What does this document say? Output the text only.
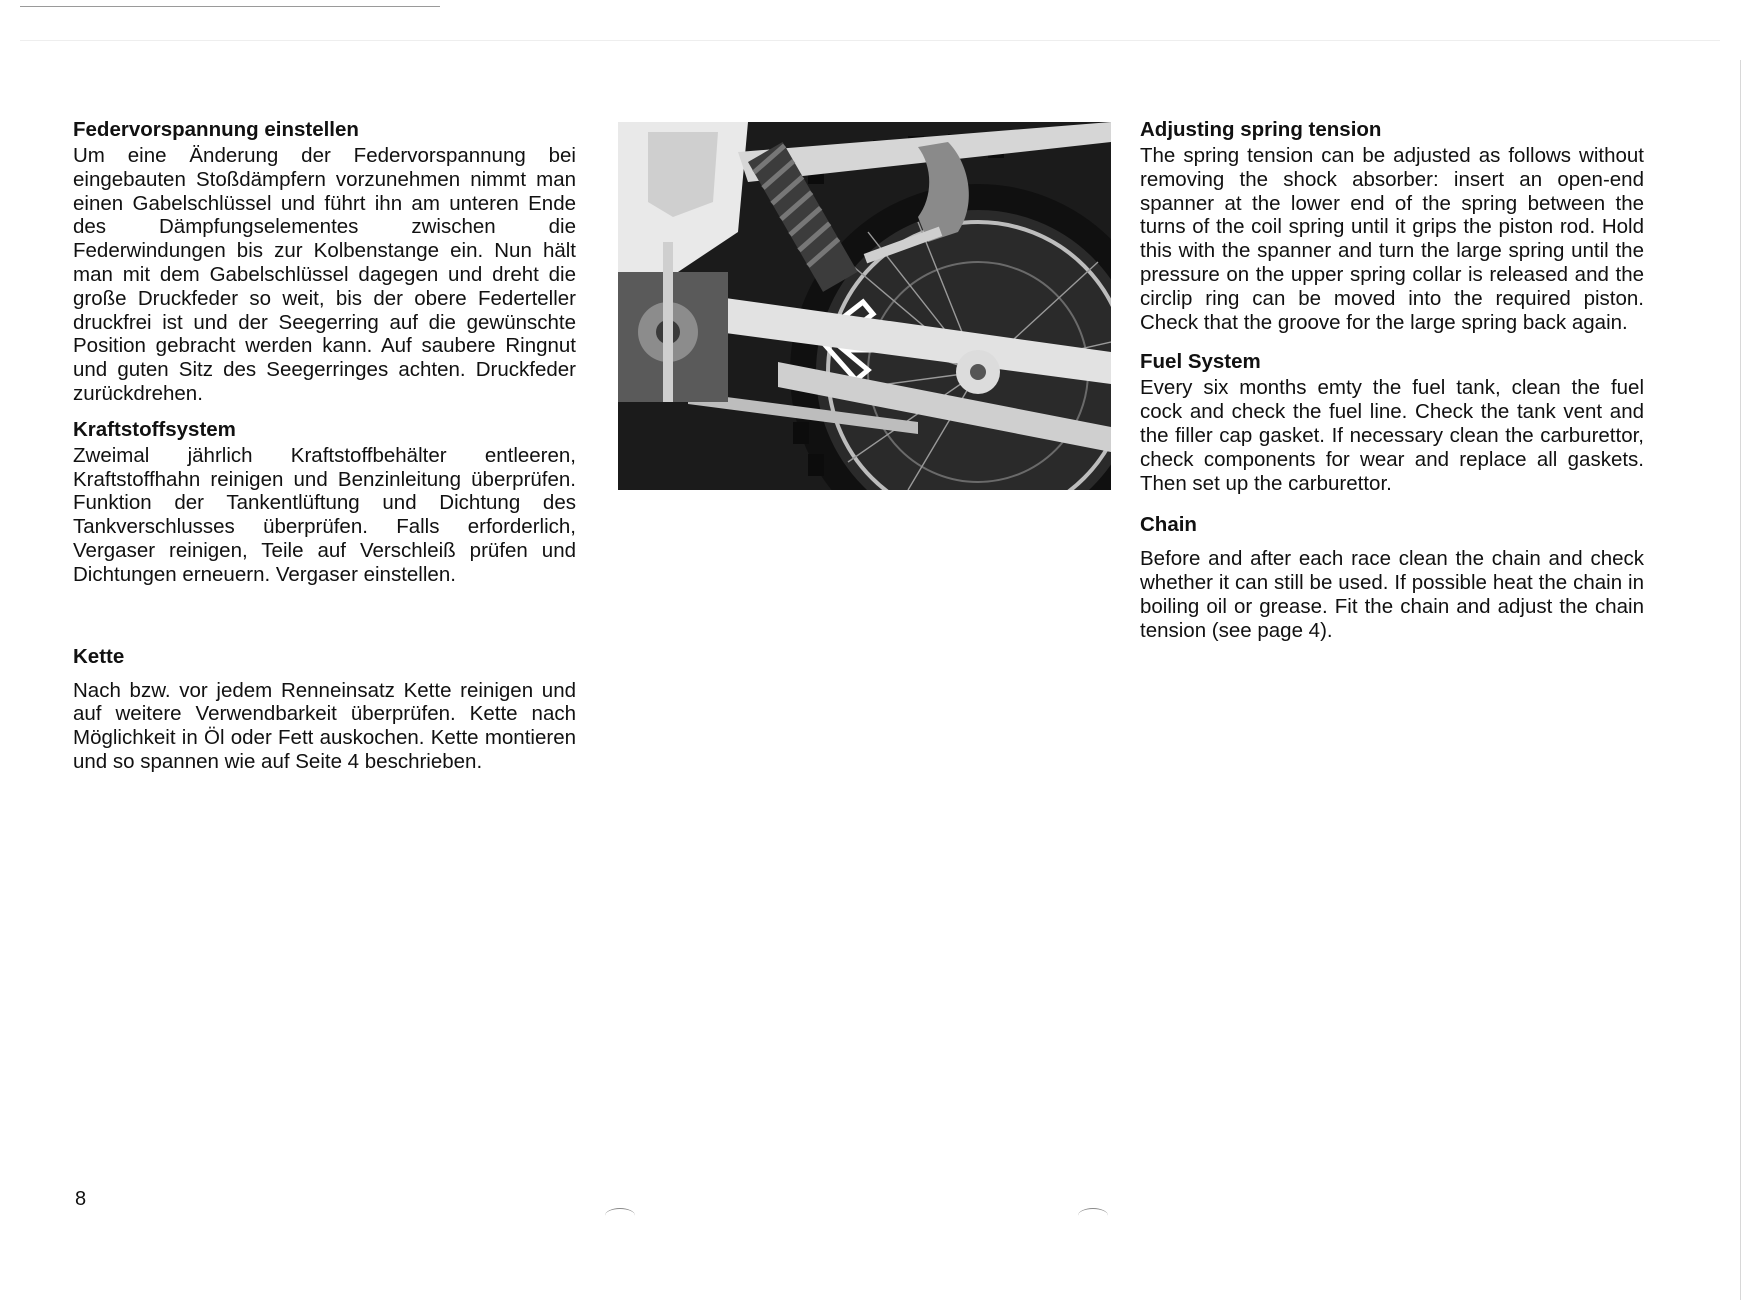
Federvorspannung einstellen

Um eine Änderung der Federvorspannung bei eingebauten Stoßdämpfern vorzunehmen nimmt man einen Gabelschlüssel und führt ihn am unteren Ende des Dämpfungselementes zwischen die Federwindungen bis zur Kolbenstange ein. Nun hält man mit dem Gabelschlüssel dagegen und dreht die große Druckfeder so weit, bis der obere Federteller druckfrei ist und der Seegerring auf die gewünschte Position gebracht werden kann. Auf saubere Ringnut und guten Sitz des Seegerringes achten. Druckfeder zurückdrehen.

Kraftstoffsystem

Zweimal jährlich Kraftstoffbehälter entleeren, Kraftstoffhahn reinigen und Benzinleitung überprüfen. Funktion der Tankentlüftung und Dichtung des Tankverschlusses überprüfen. Falls erforderlich, Vergaser reinigen, Teile auf Verschleiß prüfen und Dichtungen erneuern. Vergaser einstellen.

Kette

Nach bzw. vor jedem Renneinsatz Kette reinigen und auf weitere Verwendbarkeit überprüfen. Kette nach Möglichkeit in Öl oder Fett auskochen. Kette montieren und so spannen wie auf Seite 4 beschrieben.

Adjusting spring tension

The spring tension can be adjusted as follows without removing the shock absorber: insert an open-end spanner at the lower end of the spring between the turns of the coil spring until it grips the piston rod. Hold this with the spanner and turn the large spring until the pressure on the upper spring collar is released and the circlip ring can be moved into the required piston. Check that the groove for the large spring back again.

Fuel System

Every six months emty the fuel tank, clean the fuel cock and check the fuel line. Check the tank vent and the filler cap gasket. If necessary clean the carburettor, check components for wear and replace all gaskets. Then set up the carburettor.

Chain

Before and after each race clean the chain and check whether it can still be used. If possible heat the chain in boiling oil or grease. Fit the chain and adjust the chain tension (see page 4).

8
